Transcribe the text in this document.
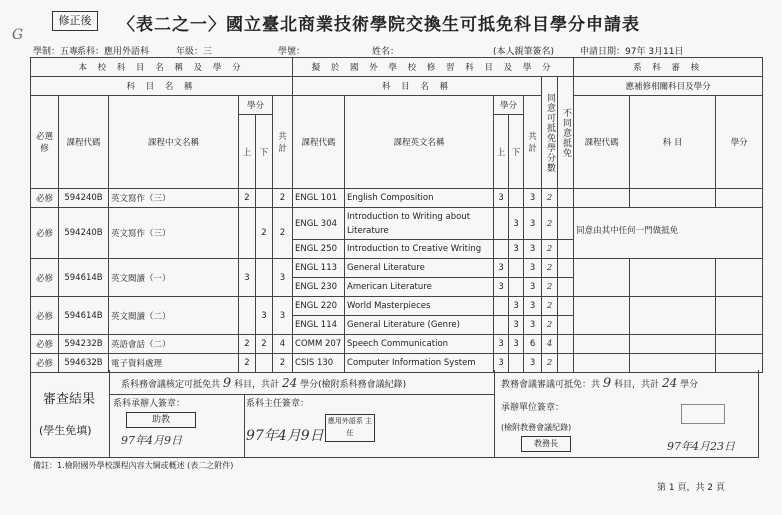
修正後	〈表二之一〉國立臺北商業技術學院交換生可抵免科目學分申請表
G
學制：五專
系科：應用外語科	年級：三	學號：	姓名：	(本人親筆簽名)	申請日期：97年 3月11日
本 校 科 目 名 稱 及 學 分						擬 於 國 外 學 校 修 習 科 目 及 學 分							系 科 審 核		
科 目 名 稱						科 目 名 稱					同意可抵免學分數	不同意抵免	應補修相關科目及學分		
必選修	課程代碼	課程中文名稱	學分		共計	課程代碼	課程英文名稱	學分		共計			課程代碼	科 目	學分
			上	下				上	下						
必修	594240B	英文寫作（三）	2		2	ENGL 101	English Composition	3		3	2				
必修	594240B	英文寫作（三）		2	2	ENGL 304	Introduction to Writing about Literature		3	3	2		同意由其中任何一門做抵免		
						ENGL 250	Introduction to Creative Writing		3	3	2				
必修	594614B	英文閱讀（一）	3		3	ENGL 113	General Literature	3		3	2				
						ENGL 230	American Literature	3		3	2				
必修	594614B	英文閱讀（二）		3	3	ENGL 220	World Masterpieces		3	3	2				
						ENGL 114	General Literature (Genre)		3	3	2				
必修	594232B	英語會話（二）	2	2	4	COMM 207	Speech Communication	3	3	6	4				
必修	594632B	電子資料處理	2		2	CSIS 130	Computer Information System	3		3	2				
審查結果
(學生免填)
系科務會議核定可抵免共 9 科目，共計 24 學分(檢附系科務會議紀錄)
系科承辦人簽章：
助教
97年4月9日
系科主任簽章：
97年4月9日
應用外語系 主任
教務會議審議可抵免：共 9 科目，共計 24 學分
承辦單位簽章：
(檢附教務會議紀錄)
教務長	97年4月23日
備註：1.檢附國外學校課程內容大綱或概述 (表二之附件)
第 1 頁，共 2 頁
